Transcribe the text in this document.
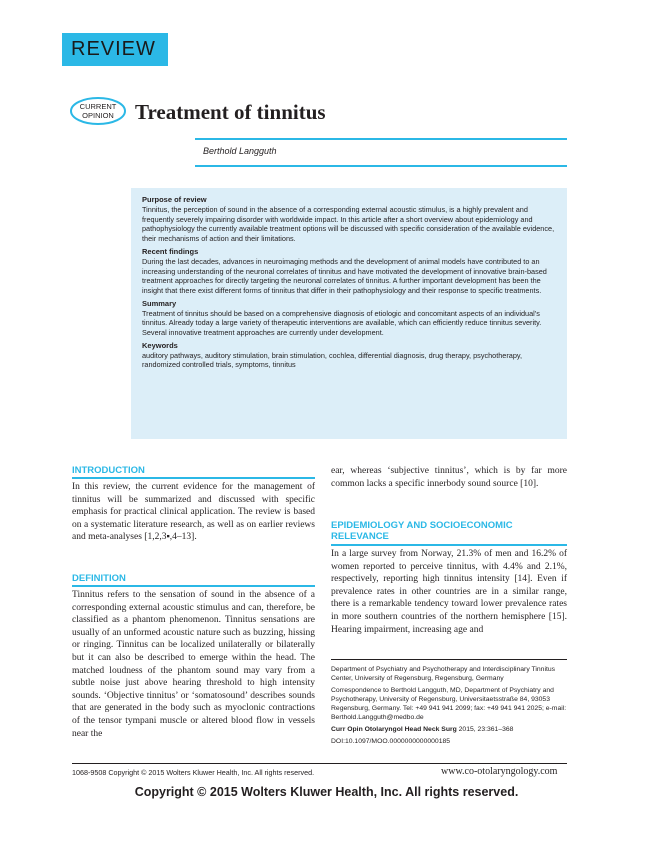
REVIEW
CURRENT
OPINION Treatment of tinnitus
Berthold Langguth
Purpose of review

Tinnitus, the perception of sound in the absence of a corresponding external acoustic stimulus, is a highly prevalent and frequently severely impairing disorder with worldwide impact. In this article after a short overview about epidemiology and pathophysiology the currently available treatment options will be discussed with specific consideration of the available evidence, their mechanisms of action and their limitations.

Recent findings

During the last decades, advances in neuroimaging methods and the development of animal models have contributed to an increasing understanding of the neuronal correlates of tinnitus and have motivated the development of innovative brain-based treatment approaches for directly targeting the neuronal correlates of tinnitus. A further important development has been the insight that there exist different forms of tinnitus that differ in their pathophysiology and their response to specific treatments.

Summary

Treatment of tinnitus should be based on a comprehensive diagnosis of etiologic and concomitant aspects of an individual’s tinnitus. Already today a large variety of therapeutic interventions are available, which can efficiently reduce tinnitus severity. Several innovative treatment approaches are currently under development.

Keywords

auditory pathways, auditory stimulation, brain stimulation, cochlea, differential diagnosis, drug therapy, psychotherapy, randomized controlled trials, symptoms, tinnitus

INTRODUCTION

In this review, the current evidence for the management of tinnitus will be summarized and discussed with specific emphasis for practical clinical application. The review is based on a systematic literature research, as well as on earlier reviews and meta-analyses [1,2,3▪,4–13].

DEFINITION

Tinnitus refers to the sensation of sound in the absence of a corresponding external acoustic stimulus and can, therefore, be classified as a phantom phenomenon. Tinnitus sensations are usually of an unformed acoustic nature such as buzzing, hissing or ringing. Tinnitus can be localized unilaterally or bilaterally but it can also be described to emerge within the head. The matched loudness of the phantom sound may vary from a subtle noise just above hearing threshold to high intensity sounds. ‘Objective tinnitus’ or ‘somatosound’ describes sounds that are generated in the body such as myoclonic contractions of the tensor tympani muscle or altered blood flow in vessels near the

ear, whereas ‘subjective tinnitus’, which is by far more common lacks a specific innerbody sound source [10].

EPIDEMIOLOGY AND SOCIOECONOMIC
RELEVANCE

In a large survey from Norway, 21.3% of men and 16.2% of women reported to perceive tinnitus, with 4.4% and 2.1%, respectively, reporting high tinnitus intensity [14]. Even if prevalence rates in other countries are in a similar range, there is a remarkable tendency toward lower prevalence rates in more southern countries of the northern hemisphere [15]. Hearing impairment, increasing age and

Department of Psychiatry and Psychotherapy and Interdisciplinary Tinnitus Center, University of Regensburg, Regensburg, Germany

Correspondence to Berthold Langguth, MD, Department of Psychiatry and Psychotherapy, University of Regensburg, Universitaetsstraße 84, 93053 Regensburg, Germany. Tel: +49 941 941 2099; fax: +49 941 941 2025; e-mail: Berthold.Langguth@medbo.de

Curr Opin Otolaryngol Head Neck Surg 2015, 23:361–368

DOI:10.1097/MOO.0000000000000185

1068-9508 Copyright © 2015 Wolters Kluwer Health, Inc. All rights reserved.	www.co-otolaryngology.com
Copyright © 2015 Wolters Kluwer Health, Inc. All rights reserved.
